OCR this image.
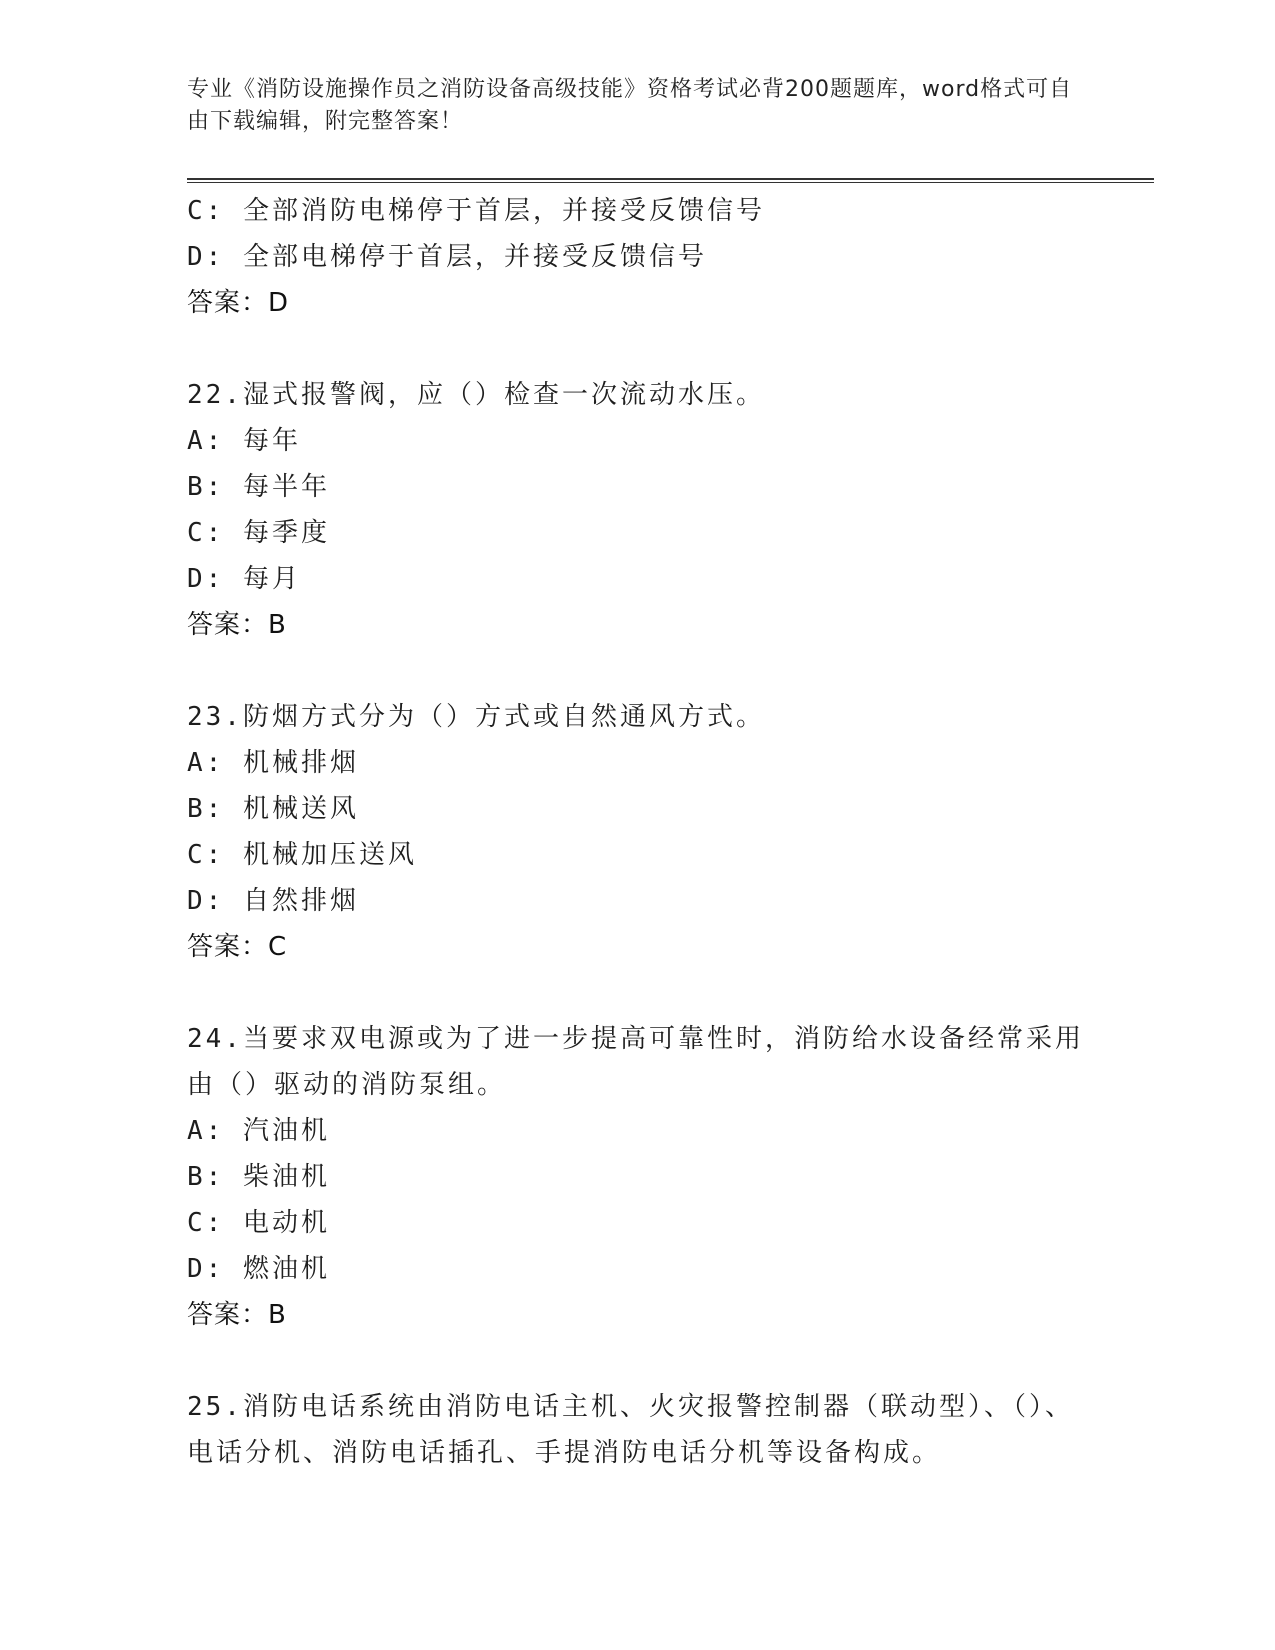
专业《消防设施操作员之消防设备高级技能》资格考试必背200题题库，word格式可自由下载编辑，附完整答案！
C: 全部消防电梯停于首层，并接受反馈信号
D: 全部电梯停于首层，并接受反馈信号
答案：D
22.湿式报警阀，应（）检查一次流动水压。
A: 每年
B: 每半年
C: 每季度
D: 每月
答案：B
23.防烟方式分为（）方式或自然通风方式。
A: 机械排烟
B: 机械送风
C: 机械加压送风
D: 自然排烟
答案：C
24.当要求双电源或为了进一步提高可靠性时，消防给水设备经常采用由（）驱动的消防泵组。
A: 汽油机
B: 柴油机
C: 电动机
D: 燃油机
答案：B
25.消防电话系统由消防电话主机、火灾报警控制器（联动型）、（）、电话分机、消防电话插孔、手提消防电话分机等设备构成。
